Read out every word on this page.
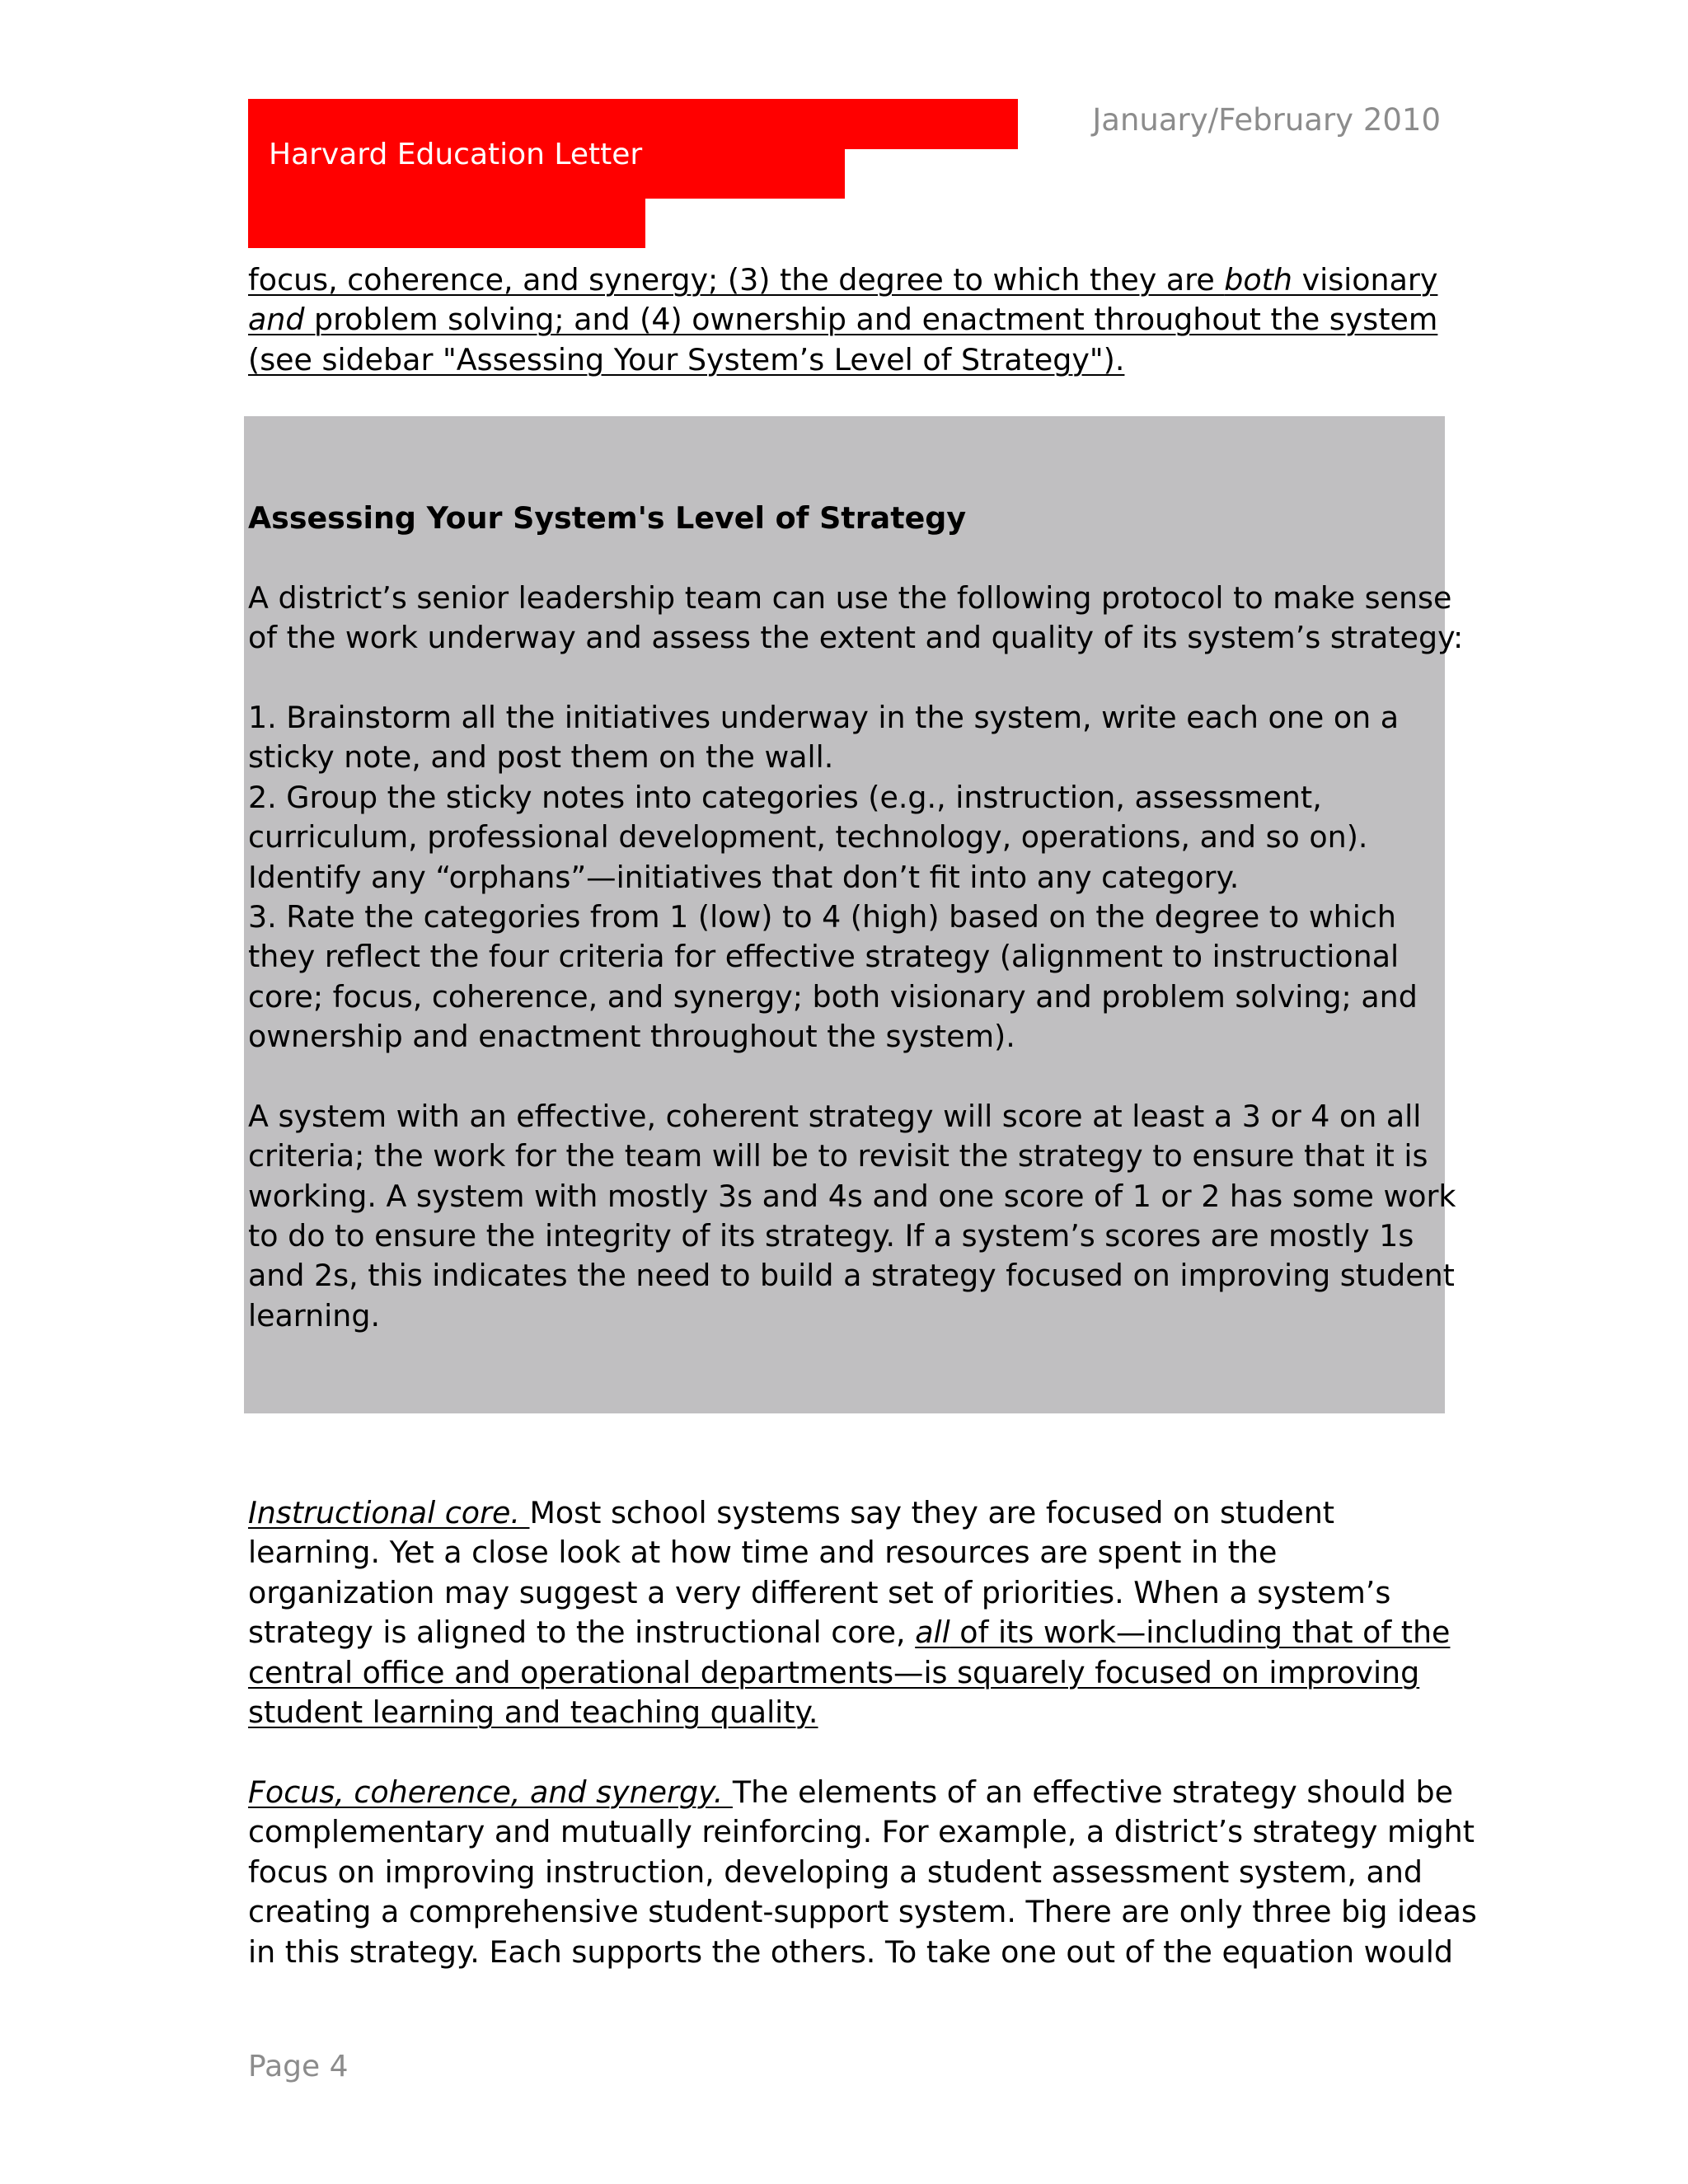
Harvard Education Letter
January/February 2010
focus, coherence, and synergy; (3) the degree to which they are both visionary
and problem solving; and (4) ownership and enactment throughout the system
(see sidebar "Assessing Your System’s Level of Strategy").
Assessing Your System's Level of Strategy
A district’s senior leadership team can use the following protocol to make sense
of the work underway and assess the extent and quality of its system’s strategy:
1. Brainstorm all the initiatives underway in the system, write each one on a
sticky note, and post them on the wall.
2. Group the sticky notes into categories (e.g., instruction, assessment,
curriculum, professional development, technology, operations, and so on).
Identify any “orphans”—initiatives that don’t fit into any category.
3. Rate the categories from 1 (low) to 4 (high) based on the degree to which
they reflect the four criteria for effective strategy (alignment to instructional
core; focus, coherence, and synergy; both visionary and problem solving; and
ownership and enactment throughout the system).
A system with an effective, coherent strategy will score at least a 3 or 4 on all
criteria; the work for the team will be to revisit the strategy to ensure that it is
working. A system with mostly 3s and 4s and one score of 1 or 2 has some work
to do to ensure the integrity of its strategy. If a system’s scores are mostly 1s
and 2s, this indicates the need to build a strategy focused on improving student
learning.
Instructional core. Most school systems say they are focused on student
learning. Yet a close look at how time and resources are spent in the
organization may suggest a very different set of priorities. When a system’s
strategy is aligned to the instructional core, all of its work—including that of the
central office and operational departments—is squarely focused on improving
student learning and teaching quality.
Focus, coherence, and synergy. The elements of an effective strategy should be
complementary and mutually reinforcing. For example, a district’s strategy might
focus on improving instruction, developing a student assessment system, and
creating a comprehensive student-support system. There are only three big ideas
in this strategy. Each supports the others. To take one out of the equation would
Page 4
